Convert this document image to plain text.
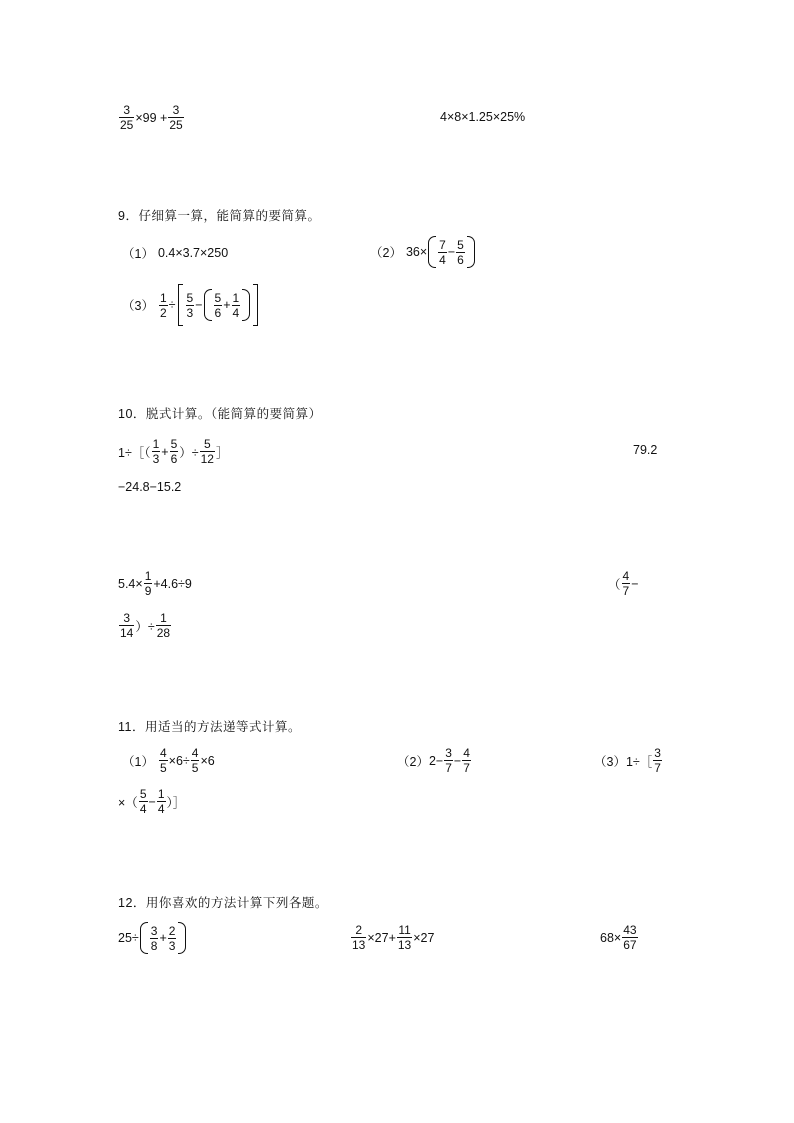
$\frac{3}{25} \times 99 + \frac{3}{25}$	4×8×1.25×25%
9．仔细算一算，能简算的要简算。
（1） 0.4×3.7×250	（2） 36×
7
4
− $\frac{5}{6}$
$(3) \frac{1}{2}$ ÷
5
3
−
5
6
+ $\frac{1}{4}$
10．脱式计算。（能简算的要简算）
1÷［（
1
3
+ $\frac{5}{6}$ ）÷ $\frac{5}{12}$ ］	79.2
−24.8−15.2
$5.4\times \frac{1}{9} +4.6\div 9$	（
4
7
−
3
14 ）÷ $\frac{1}{28}$
11．用适当的方法递等式计算。
$(1) \frac{4}{5} \times 6\div \frac{4}{5} \times 6$	（2） $2- \frac{3}{7} - \frac{4}{7}$	（3） 1÷［
3
7
×（
5
4
− $\frac{1}{4}$ ）］
12．用你喜欢的方法计算下列各题。
25÷
3
8
+ $\frac{2}{3}$	$\frac{2}{13} \times 27+ \frac{11}{13} \times 27$	$68\times \frac{43}{67}$
